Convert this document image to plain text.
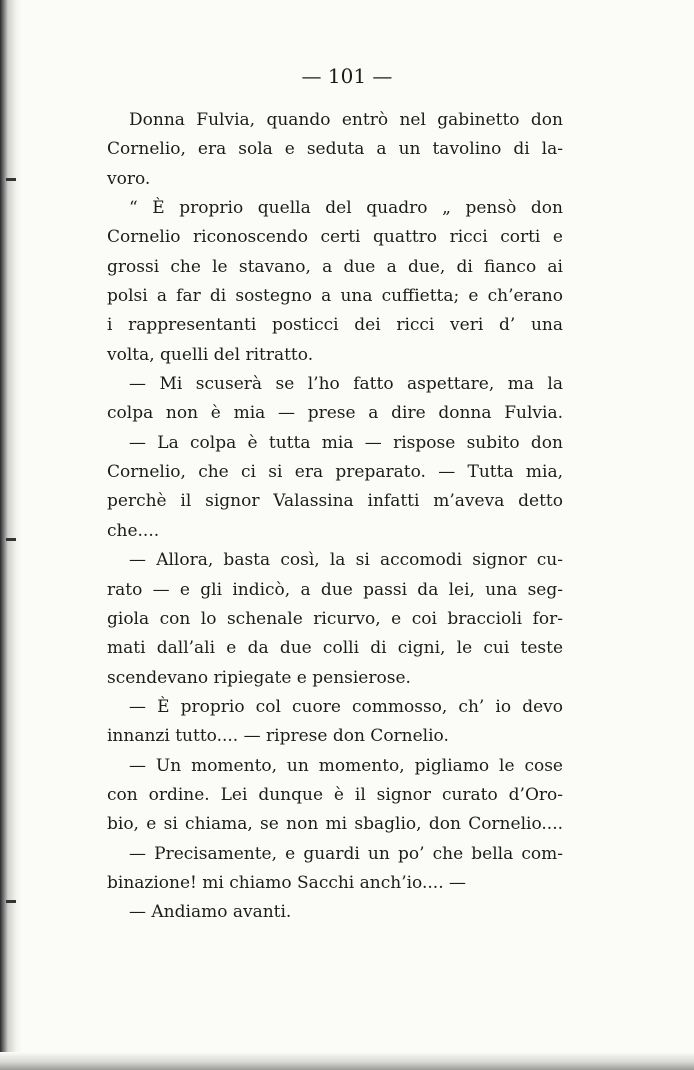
— 101 —
Donna Fulvia, quando entrò nel gabinetto don
Cornelio, era sola e seduta a un tavolino di la-
voro.
“ È proprio quella del quadro „ pensò don
Cornelio riconoscendo certi quattro ricci corti e
grossi che le stavano, a due a due, di fianco ai
polsi a far di sostegno a una cuffietta; e ch’erano
i rappresentanti posticci dei ricci veri d’ una
volta, quelli del ritratto.
— Mi scuserà se l’ho fatto aspettare, ma la
colpa non è mia — prese a dire donna Fulvia.
— La colpa è tutta mia — rispose subito don
Cornelio, che ci si era preparato. — Tutta mia,
perchè il signor Valassina infatti m’aveva detto
che....
— Allora, basta così, la si accomodi signor cu-
rato — e gli indicò, a due passi da lei, una seg-
giola con lo schenale ricurvo, e coi braccioli for-
mati dall’ali e da due colli di cigni, le cui teste
scendevano ripiegate e pensierose.
— È proprio col cuore commosso, ch’ io devo
innanzi tutto.... — riprese don Cornelio.
— Un momento, un momento, pigliamo le cose
con ordine. Lei dunque è il signor curato d’Oro-
bio, e si chiama, se non mi sbaglio, don Cornelio....
— Precisamente, e guardi un po’ che bella com-
binazione! mi chiamo Sacchi anch’io.... —
— Andiamo avanti.
